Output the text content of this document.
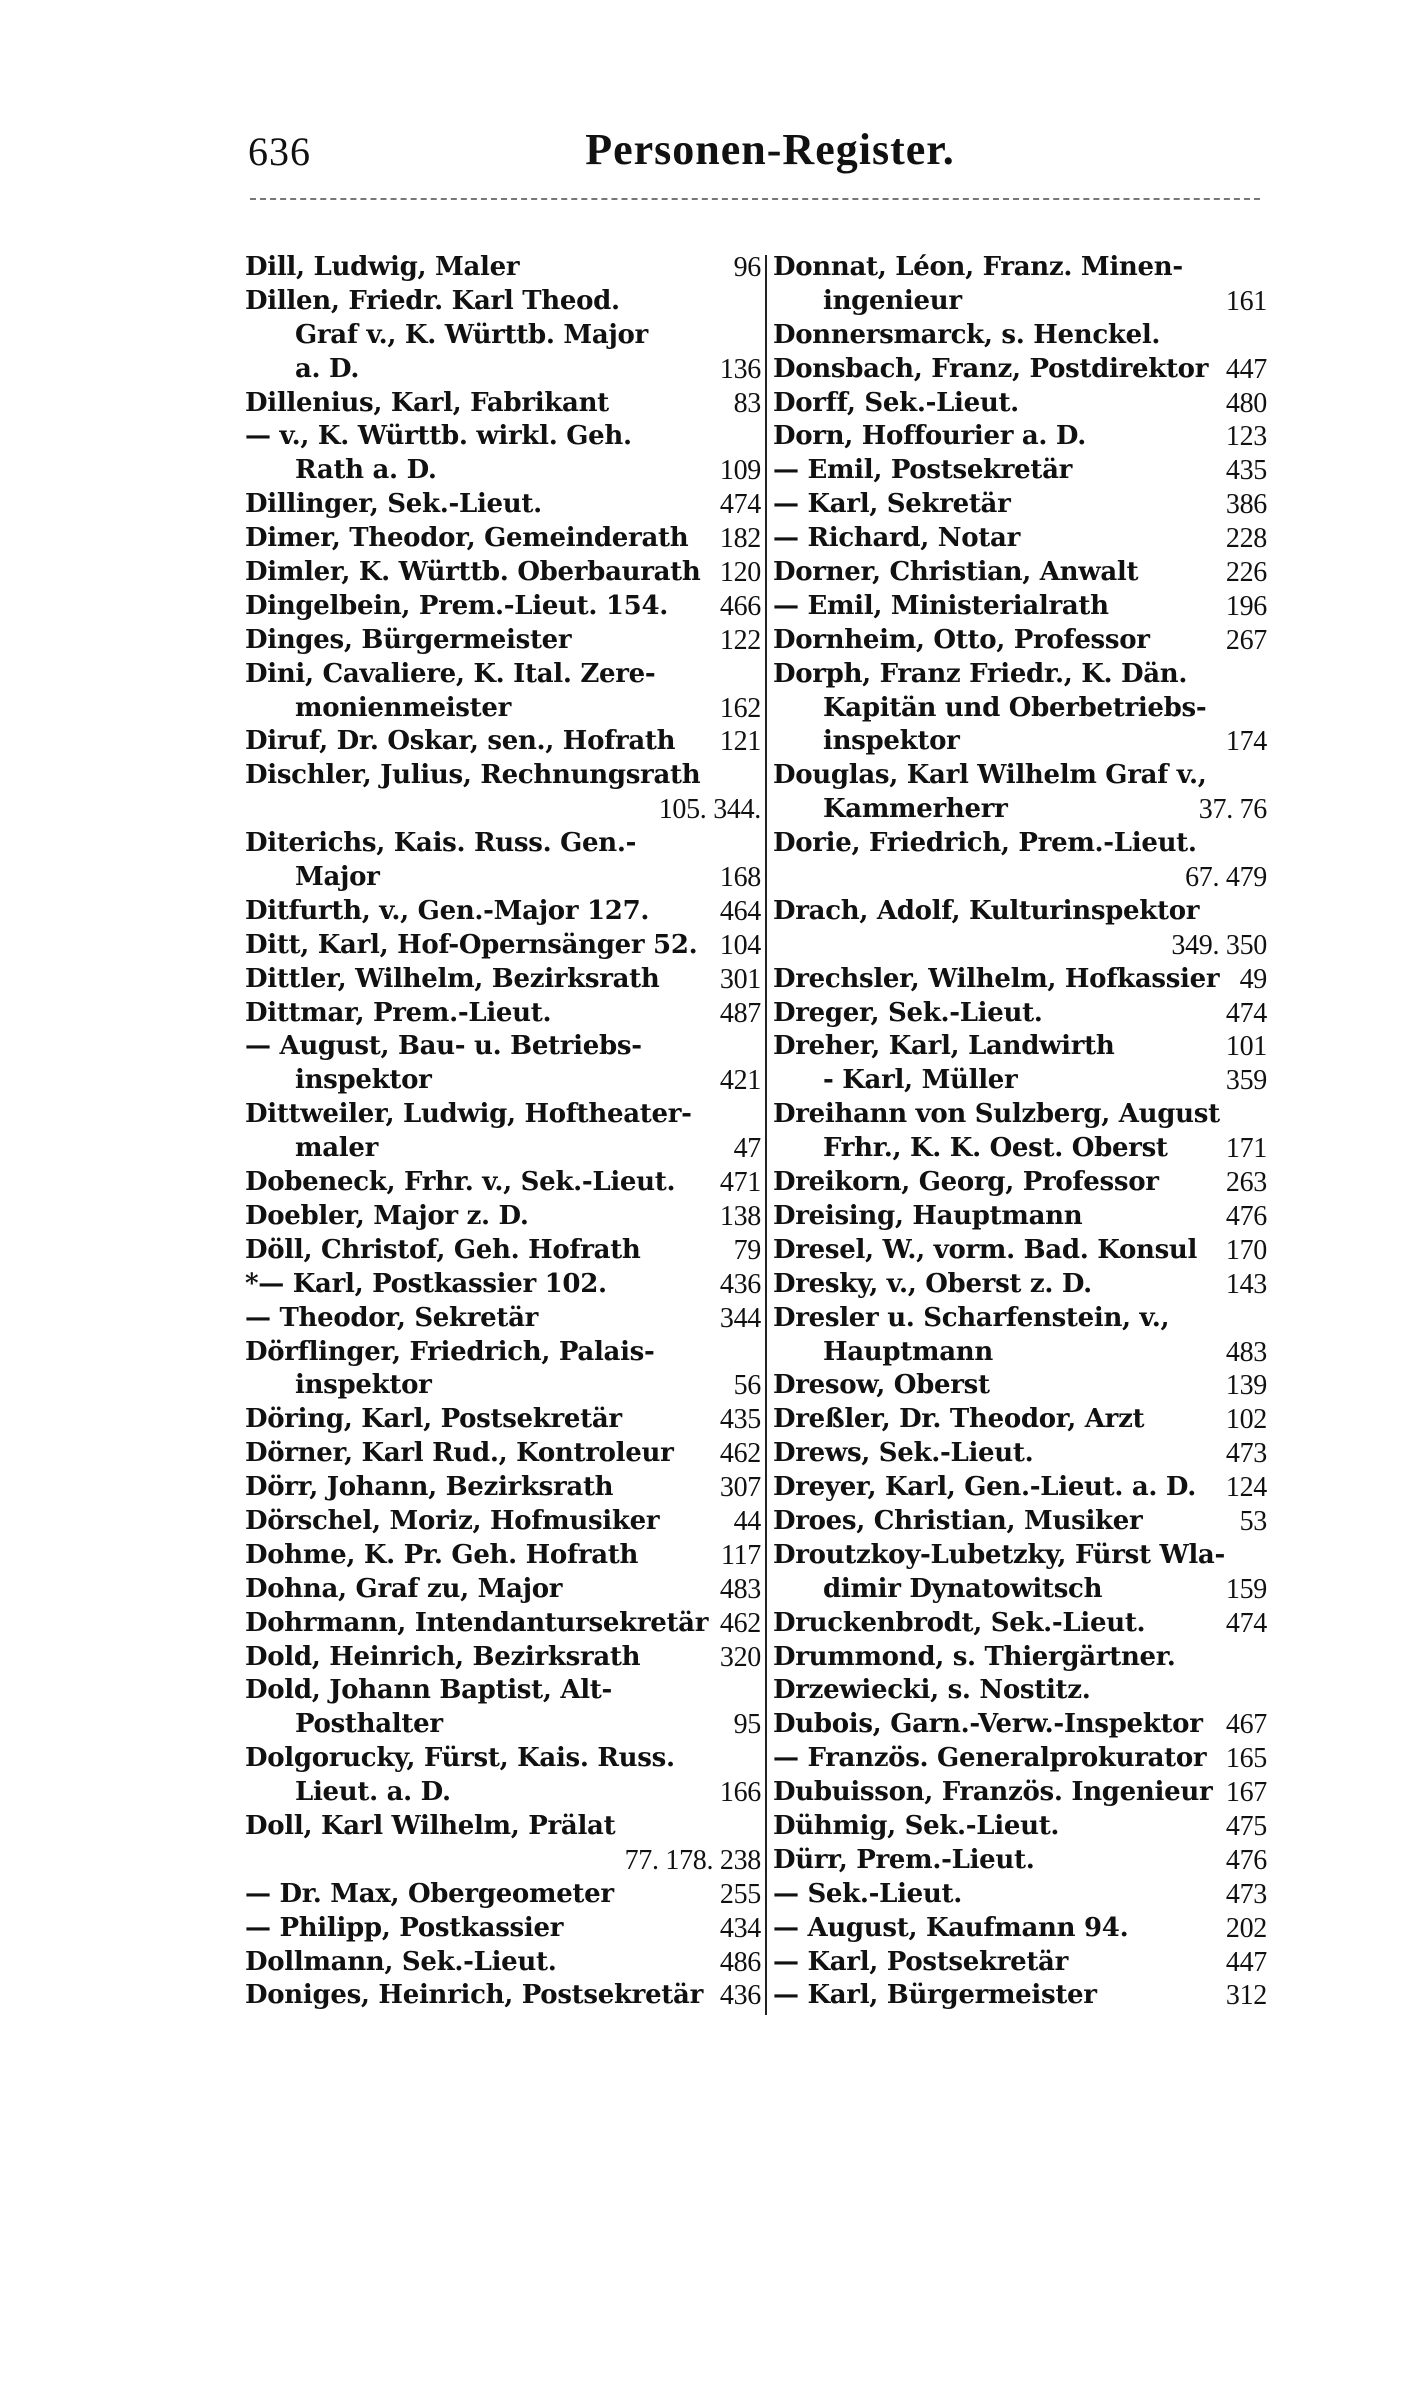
636	Personen-Register.
Dill, Ludwig, Maler	96
Dillen, Friedr. Karl Theod.
Graf v., K. Württb. Major
a. D.	136
Dillenius, Karl, Fabrikant	83
— v., K. Württb. wirkl. Geh.
Rath a. D.	109
Dillinger, Sek.-Lieut.	474
Dimer, Theodor, Gemeinderath	182
Dimler, K. Württb. Oberbaurath 120
Dingelbein, Prem.-Lieut. 154.	466
Dinges, Bürgermeister	122
Dini, Cavaliere, K. Ital. Zere-
monienmeister	162
Diruf, Dr. Oskar, sen., Hofrath	121
Dischler, Julius, Rechnungsrath
105. 344.
Diterichs, Kais. Russ. Gen.-
Major	168
Ditfurth, v., Gen.-Major 127.	464
Ditt, Karl, Hof-Opernsänger 52. 104
Dittler, Wilhelm, Bezirksrath	301
Dittmar, Prem.-Lieut.	487
— August, Bau- u. Betriebs-
inspektor	421
Dittweiler, Ludwig, Hoftheater-
maler	47
Dobeneck, Frhr. v., Sek.-Lieut.	471
Doebler, Major z. D.	138
Döll, Christof, Geh. Hofrath	79
*— Karl, Postkassier 102.	436
— Theodor, Sekretär	344
Dörflinger, Friedrich, Palais-
inspektor	56
Döring, Karl, Postsekretär	435
Dörner, Karl Rud., Kontroleur	462
Dörr, Johann, Bezirksrath	307
Dörschel, Moriz, Hofmusiker	44
Dohme, K. Pr. Geh. Hofrath	117
Dohna, Graf zu, Major	483
Dohrmann, Intendantursekretär 462
Dold, Heinrich, Bezirksrath	320
Dold, Johann Baptist, Alt-
Posthalter	95
Dolgorucky, Fürst, Kais. Russ.
Lieut. a. D.	166
Doll, Karl Wilhelm, Prälat
77. 178. 238
— Dr. Max, Obergeometer	255
— Philipp, Postkassier	434
Dollmann, Sek.-Lieut.	486
Doniges, Heinrich, Postsekretär 436
Donnat, Léon, Franz. Minen-
ingenieur	161
Donnersmarck, s. Henckel.
Donsbach, Franz, Postdirektor 447
Dorff, Sek.-Lieut.	480
Dorn, Hoffourier a. D.	123
— Emil, Postsekretär	435
— Karl, Sekretär	386
— Richard, Notar	228
Dorner, Christian, Anwalt	226
— Emil, Ministerialrath	196
Dornheim, Otto, Professor	267
Dorph, Franz Friedr., K. Dän.
Kapitän und Oberbetriebs-
inspektor	174
Douglas, Karl Wilhelm Graf v.,
Kammerherr	37. 76
Dorie, Friedrich, Prem.-Lieut.
67. 479
Drach, Adolf, Kulturinspektor
349. 350
Drechsler, Wilhelm, Hofkassier 49
Dreger, Sek.-Lieut.	474
Dreher, Karl, Landwirth	101
- Karl, Müller	359
Dreihann von Sulzberg, August
Frhr., K. K. Oest. Oberst	171
Dreikorn, Georg, Professor	263
Dreising, Hauptmann	476
Dresel, W., vorm. Bad. Konsul	170
Dresky, v., Oberst z. D.	143
Dresler u. Scharfenstein, v.,
Hauptmann	483
Dresow, Oberst	139
Dreßler, Dr. Theodor, Arzt	102
Drews, Sek.-Lieut.	473
Dreyer, Karl, Gen.-Lieut. a. D.	124
Droes, Christian, Musiker	53
Droutzkoy-Lubetzky, Fürst Wla-
dimir Dynatowitsch	159
Druckenbrodt, Sek.-Lieut.	474
Drummond, s. Thiergärtner.
Drzewiecki, s. Nostitz.
Dubois, Garn.-Verw.-Inspektor 467
— Französ. Generalprokurator 165
Dubuisson, Französ. Ingenieur 167
Dühmig, Sek.-Lieut.	475
Dürr, Prem.-Lieut.	476
— Sek.-Lieut.	473
— August, Kaufmann 94.	202
— Karl, Postsekretär	447
— Karl, Bürgermeister	312
